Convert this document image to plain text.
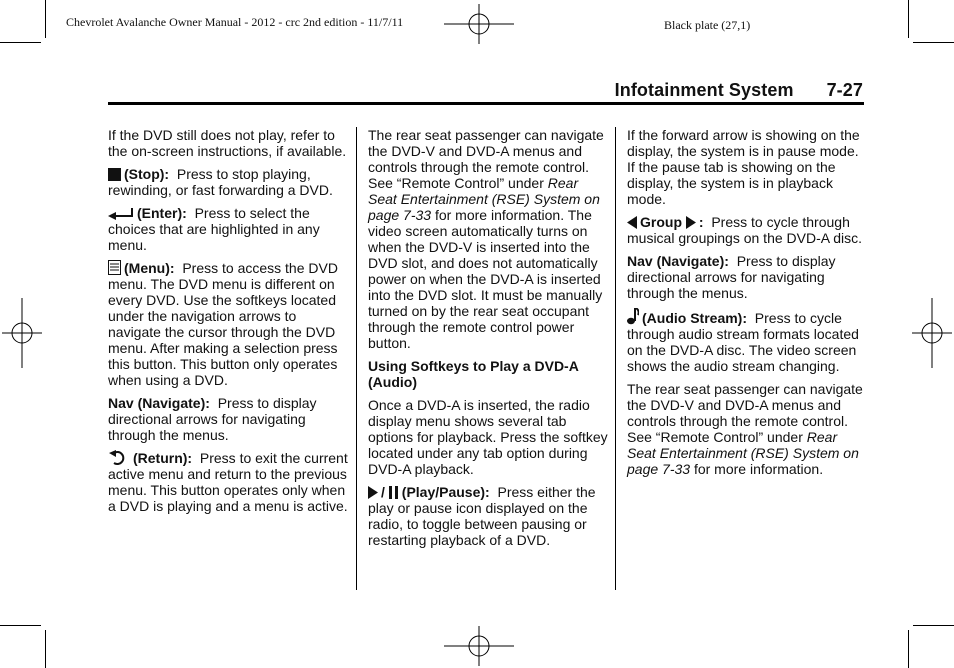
Chevrolet Avalanche Owner Manual - 2012 - crc 2nd edition - 11/7/11	Black plate (27,1)
Infotainment System 7-27

If the DVD still does not play, refer to the on-screen instructions, if available.

(Stop): Press to stop playing, rewinding, or fast forwarding a DVD.

(Enter): Press to select the choices that are highlighted in any menu.

(Menu): Press to access the DVD menu. The DVD menu is different on every DVD. Use the softkeys located under the navigation arrows to navigate the cursor through the DVD menu. After making a selection press this button. This button only operates when using a DVD.

Nav (Navigate): Press to display directional arrows for navigating through the menus.

(Return): Press to exit the current active menu and return to the previous menu. This button operates only when a DVD is playing and a menu is active.

The rear seat passenger can navigate the DVD-V and DVD-A menus and controls through the remote control. See “Remote Control” under Rear Seat Entertainment (RSE) System on page 7-33 for more information. The video screen automatically turns on when the DVD-V is inserted into the DVD slot, and does not automatically power on when the DVD-A is inserted into the DVD slot. It must be manually turned on by the rear seat occupant through the remote control power button.

Using Softkeys to Play a DVD-A (Audio)

Once a DVD-A is inserted, the radio display menu shows several tab options for playback. Press the softkey located under any tab option during DVD-A playback.

/ (Play/Pause): Press either the play or pause icon displayed on the radio, to toggle between pausing or restarting playback of a DVD.

If the forward arrow is showing on the display, the system is in pause mode. If the pause tab is showing on the display, the system is in playback mode.

Group : Press to cycle through musical groupings on the DVD-A disc.

Nav (Navigate): Press to display directional arrows for navigating through the menus.

(Audio Stream): Press to cycle through audio stream formats located on the DVD-A disc. The video screen shows the audio stream changing.

The rear seat passenger can navigate the DVD-V and DVD-A menus and controls through the remote control. See “Remote Control” under Rear Seat Entertainment (RSE) System on page 7-33 for more information.
